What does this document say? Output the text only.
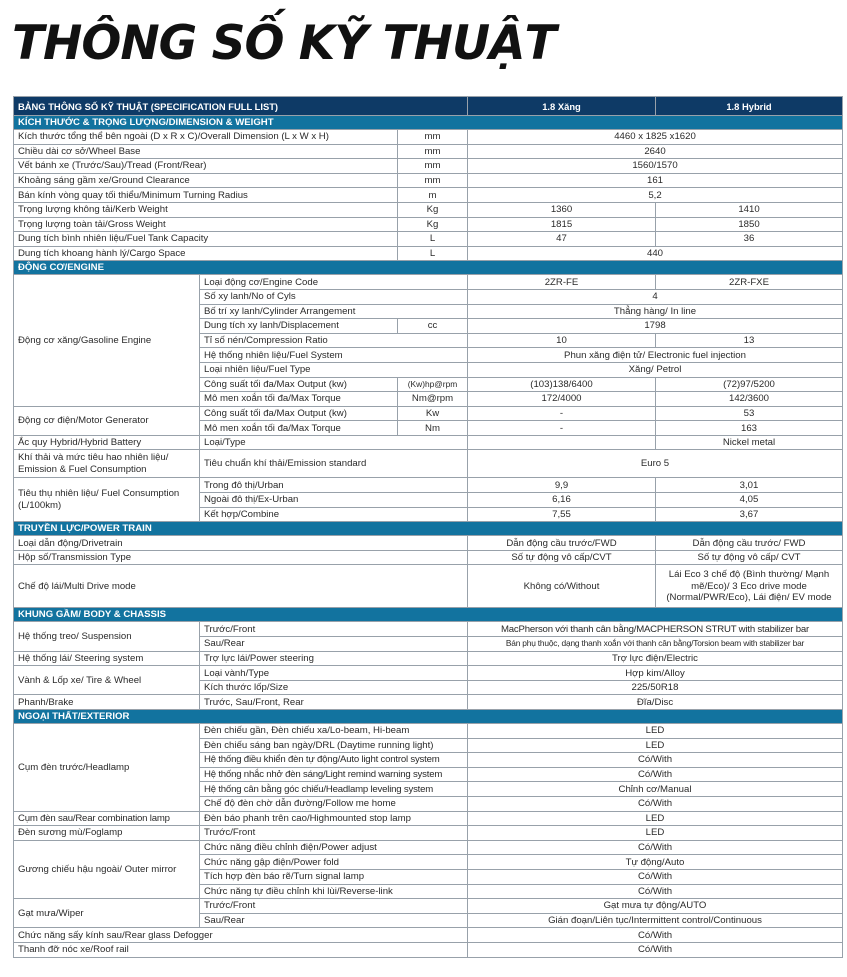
THÔNG SỐ KỸ THUẬT
BẢNG THÔNG SỐ KỸ THUẬT (SPECIFICATION FULL LIST)			1.8 Xăng	1.8 Hybrid
KÍCH THƯỚC & TRỌNG LƯỢNG/DIMENSION & WEIGHT				
Kích thước tổng thể bên ngoài (D x R x C)/Overall Dimension (L x W x H)		mm	4460 x 1825 x1620	
Chiều dài cơ sở/Wheel Base		mm	2640	
Vết bánh xe (Trước/Sau)/Tread (Front/Rear)		mm	1560/1570	
Khoảng sáng gầm xe/Ground Clearance		mm	161	
Bán kính vòng quay tối thiểu/Minimum Turning Radius		m	5,2	
Trọng lượng không tải/Kerb Weight		Kg	1360	1410
Trọng lượng toàn tải/Gross Weight		Kg	1815	1850
Dung tích bình nhiên liệu/Fuel Tank Capacity		L	47	36
Dung tích khoang hành lý/Cargo Space		L	440	
ĐỘNG CƠ/ENGINE				
Động cơ xăng/Gasoline Engine	Loại động cơ/Engine Code		2ZR-FE	2ZR-FXE
	Số xy lanh/No of Cyls		4	
	Bố trí xy lanh/Cylinder Arrangement		Thẳng hàng/ In line	
	Dung tích xy lanh/Displacement	cc	1798	
	Tỉ số nén/Compression Ratio		10	13
	Hệ thống nhiên liệu/Fuel System		Phun xăng điện tử/ Electronic fuel injection	
	Loại nhiên liệu/Fuel Type		Xăng/ Petrol	
	Công suất tối đa/Max Output (kw)	(Kw)hp@rpm	(103)138/6400	(72)97/5200
	Mô men xoắn tối đa/Max Torque	Nm@rpm	172/4000	142/3600
Động cơ điện/Motor Generator	Công suất tối đa/Max Output (kw)	Kw	-	53
	Mô men xoắn tối đa/Max Torque	Nm	-	163
Ắc quy Hybrid/Hybrid Battery	Loại/Type			Nickel metal
Khí thải và mức tiêu hao nhiên liệu/ Emission & Fuel Consumption	Tiêu chuẩn khí thải/Emission standard		Euro 5	
Tiêu thụ nhiên liệu/ Fuel Consumption (L/100km)	Trong đô thị/Urban		9,9	3,01
	Ngoài đô thị/Ex-Urban		6,16	4,05
	Kết hợp/Combine		7,55	3,67
TRUYỀN LỰC/POWER TRAIN				
Loại dẫn động/Drivetrain			Dẫn động cầu trước/FWD	Dẫn động cầu trước/ FWD
Hộp số/Transmission Type			Số tự động vô cấp/CVT	Số tự động vô cấp/ CVT
Chế độ lái/Multi Drive mode			Không có/Without	Lái Eco 3 chế độ (Bình thường/ Mạnh mẽ/Eco)/ 3 Eco drive mode (Normal/PWR/Eco), Lái điện/ EV mode
KHUNG GẦM/ BODY & CHASSIS				
Hệ thống treo/ Suspension	Trước/Front		MacPherson với thanh cân bằng/MACPHERSON STRUT with stabilizer bar	
	Sau/Rear		Bán phụ thuộc, dạng thanh xoắn với thanh cân bằng/Torsion beam with stabilizer bar	
Hệ thống lái/ Steering system	Trợ lực lái/Power steering		Trợ lực điện/Electric	
Vành & Lốp xe/ Tire & Wheel	Loại vành/Type		Hợp kim/Alloy	
	Kích thước lốp/Size		225/50R18	
Phanh/Brake	Trước, Sau/Front, Rear		Đĩa/Disc	
NGOẠI THẤT/EXTERIOR				
Cụm đèn trước/Headlamp	Đèn chiếu gần, Đèn chiếu xa/Lo-beam, Hi-beam		LED	
	Đèn chiếu sáng ban ngày/DRL (Daytime running light)		LED	
	Hệ thống điều khiển đèn tự động/Auto light control system		Có/With	
	Hệ thống nhắc nhở đèn sáng/Light remind warning system		Có/With	
	Hệ thống cân bằng góc chiếu/Headlamp leveling system		Chỉnh cơ/Manual	
	Chế độ đèn chờ dẫn đường/Follow me home		Có/With	
Cụm đèn sau/Rear combination lamp	Đèn báo phanh trên cao/Highmounted stop lamp		LED	
Đèn sương mù/Foglamp	Trước/Front		LED	
Gương chiếu hậu ngoài/ Outer mirror	Chức năng điều chỉnh điện/Power adjust		Có/With	
	Chức năng gập điện/Power fold		Tự động/Auto	
	Tích hợp đèn báo rẽ/Turn signal lamp		Có/With	
	Chức năng tự điều chỉnh khi lùi/Reverse-link		Có/With	
Gạt mưa/Wiper	Trước/Front		Gạt mưa tự động/AUTO	
	Sau/Rear		Gián đoạn/Liên tục/Intermittent control/Continuous	
Chức năng sấy kính sau/Rear glass Defogger			Có/With	
Thanh đỡ nóc xe/Roof rail			Có/With	
